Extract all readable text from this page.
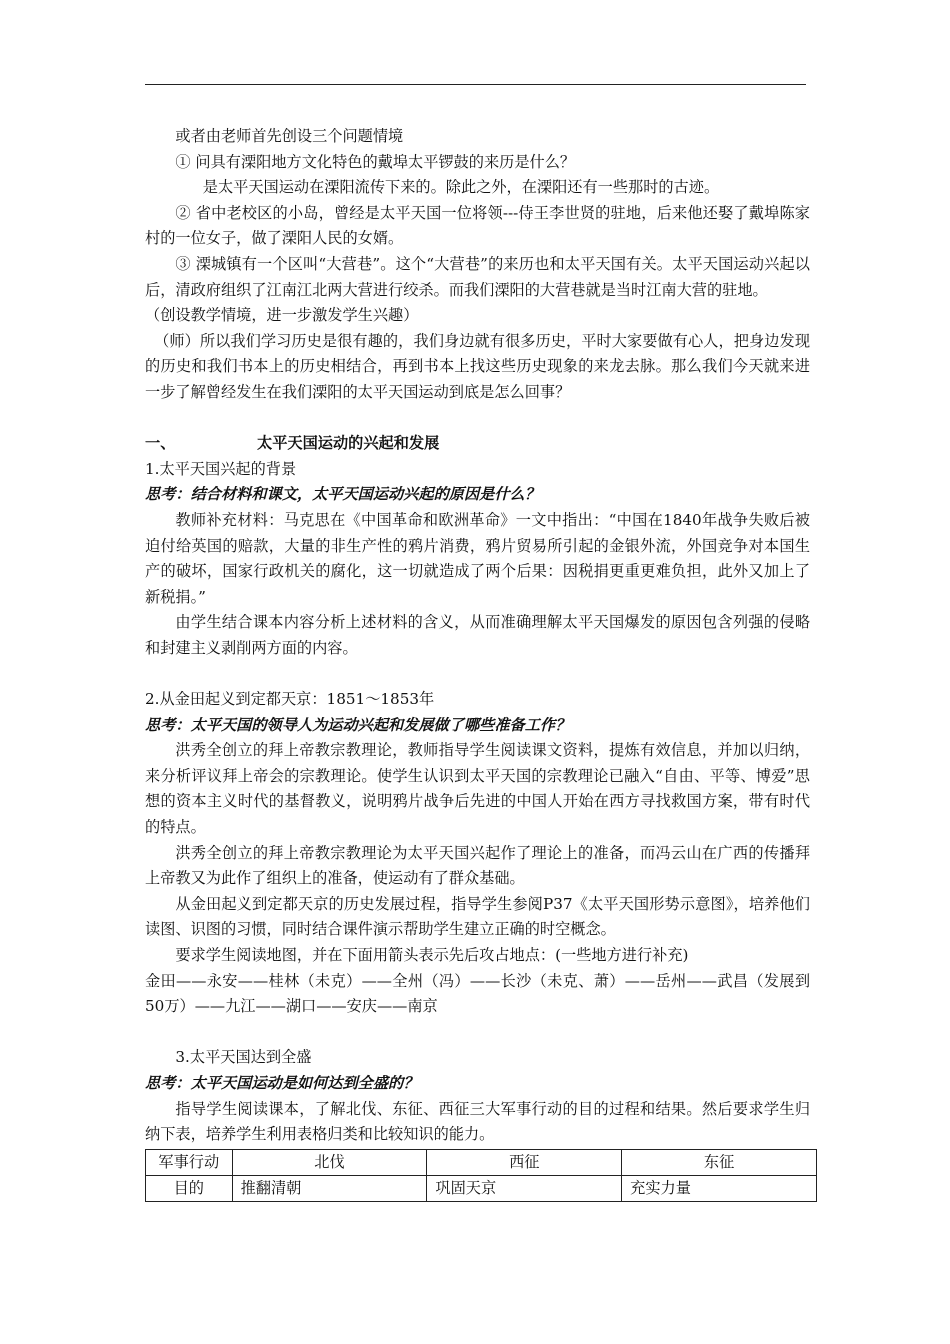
或者由老师首先创设三个问题情境

① 问具有溧阳地方文化特色的戴埠太平锣鼓的来历是什么？

是太平天国运动在溧阳流传下来的。除此之外，在溧阳还有一些那时的古迹。

② 省中老校区的小岛，曾经是太平天国一位将领---侍王李世贤的驻地，后来他还娶了戴埠陈家村的一位女子，做了溧阳人民的女婿。

③ 溧城镇有一个区叫“大营巷”。这个“大营巷”的来历也和太平天国有关。太平天国运动兴起以后，清政府组织了江南江北两大营进行绞杀。而我们溧阳的大营巷就是当时江南大营的驻地。

（创设教学情境，进一步激发学生兴趣）

（师）所以我们学习历史是很有趣的，我们身边就有很多历史，平时大家要做有心人，把身边发现的历史和我们书本上的历史相结合，再到书本上找这些历史现象的来龙去脉。那么我们今天就来进一步了解曾经发生在我们溧阳的太平天国运动到底是怎么回事？

一、	太平天国运动的兴起和发展

1.太平天国兴起的背景

思考：结合材料和课文，太平天国运动兴起的原因是什么？

教师补充材料：马克思在《中国革命和欧洲革命》一文中指出：“中国在1840年战争失败后被迫付给英国的赔款，大量的非生产性的鸦片消费，鸦片贸易所引起的金银外流，外国竞争对本国生产的破坏，国家行政机关的腐化，这一切就造成了两个后果：因税捐更重更难负担，此外又加上了新税捐。”

由学生结合课本内容分析上述材料的含义，从而准确理解太平天国爆发的原因包含列强的侵略和封建主义剥削两方面的内容。

2.从金田起义到定都天京：1851～1853年

思考：太平天国的领导人为运动兴起和发展做了哪些准备工作？

洪秀全创立的拜上帝教宗教理论，教师指导学生阅读课文资料，提炼有效信息，并加以归纳，来分析评议拜上帝会的宗教理论。使学生认识到太平天国的宗教理论已融入“自由、平等、博爱”思想的资本主义时代的基督教义，说明鸦片战争后先进的中国人开始在西方寻找救国方案，带有时代的特点。

洪秀全创立的拜上帝教宗教理论为太平天国兴起作了理论上的准备，而冯云山在广西的传播拜上帝教又为此作了组织上的准备，使运动有了群众基础。

从金田起义到定都天京的历史发展过程，指导学生参阅P37《太平天国形势示意图》，培养他们读图、识图的习惯，同时结合课件演示帮助学生建立正确的时空概念。

要求学生阅读地图，并在下面用箭头表示先后攻占地点：(一些地方进行补充)

金田——永安——桂林（未克）——全州（冯）——长沙（未克、萧）——岳州——武昌（发展到50万）——九江——湖口——安庆——南京

3.太平天国达到全盛

思考：太平天国运动是如何达到全盛的？

指导学生阅读课本，了解北伐、东征、西征三大军事行动的目的过程和结果。然后要求学生归纳下表，培养学生利用表格归类和比较知识的能力。

军事行动	北伐	西征	东征
目的	推翻清朝	巩固天京	充实力量
